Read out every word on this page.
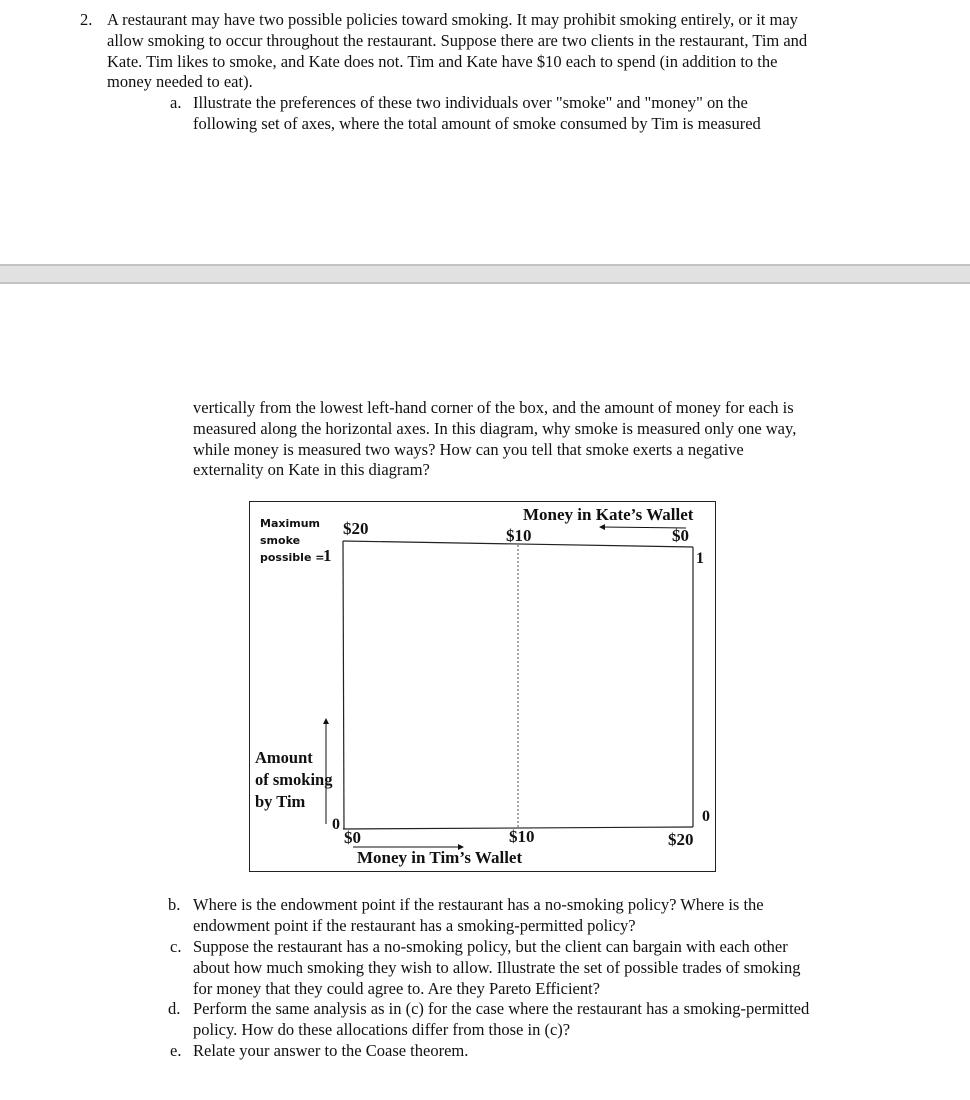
2. A restaurant may have two possible policies toward smoking. It may prohibit smoking entirely, or it may
allow smoking to occur throughout the restaurant. Suppose there are two clients in the restaurant, Tim and
Kate. Tim likes to smoke, and Kate does not. Tim and Kate have $10 each to spend (in addition to the
money needed to eat).
a. Illustrate the preferences of these two individuals over "smoke" and "money" on the
following set of axes, where the total amount of smoke consumed by Tim is measured
vertically from the lowest left-hand corner of the box, and the amount of money for each is
measured along the horizontal axes. In this diagram, why smoke is measured only one way,
while money is measured two ways? How can you tell that smoke exerts a negative
externality on Kate in this diagram?
Maximum
smoke
possible =
1
Money in Kate’s Wallet
$20	$10	$0
1
0
0
Amount
of smoking
by Tim
$0	$10	$20
Money in Tim’s Wallet
b. Where is the endowment point if the restaurant has a no-smoking policy? Where is the
endowment point if the restaurant has a smoking-permitted policy?
c. Suppose the restaurant has a no-smoking policy, but the client can bargain with each other
about how much smoking they wish to allow. Illustrate the set of possible trades of smoking
for money that they could agree to. Are they Pareto Efficient?
d. Perform the same analysis as in (c) for the case where the restaurant has a smoking-permitted
policy. How do these allocations differ from those in (c)?
e. Relate your answer to the Coase theorem.
